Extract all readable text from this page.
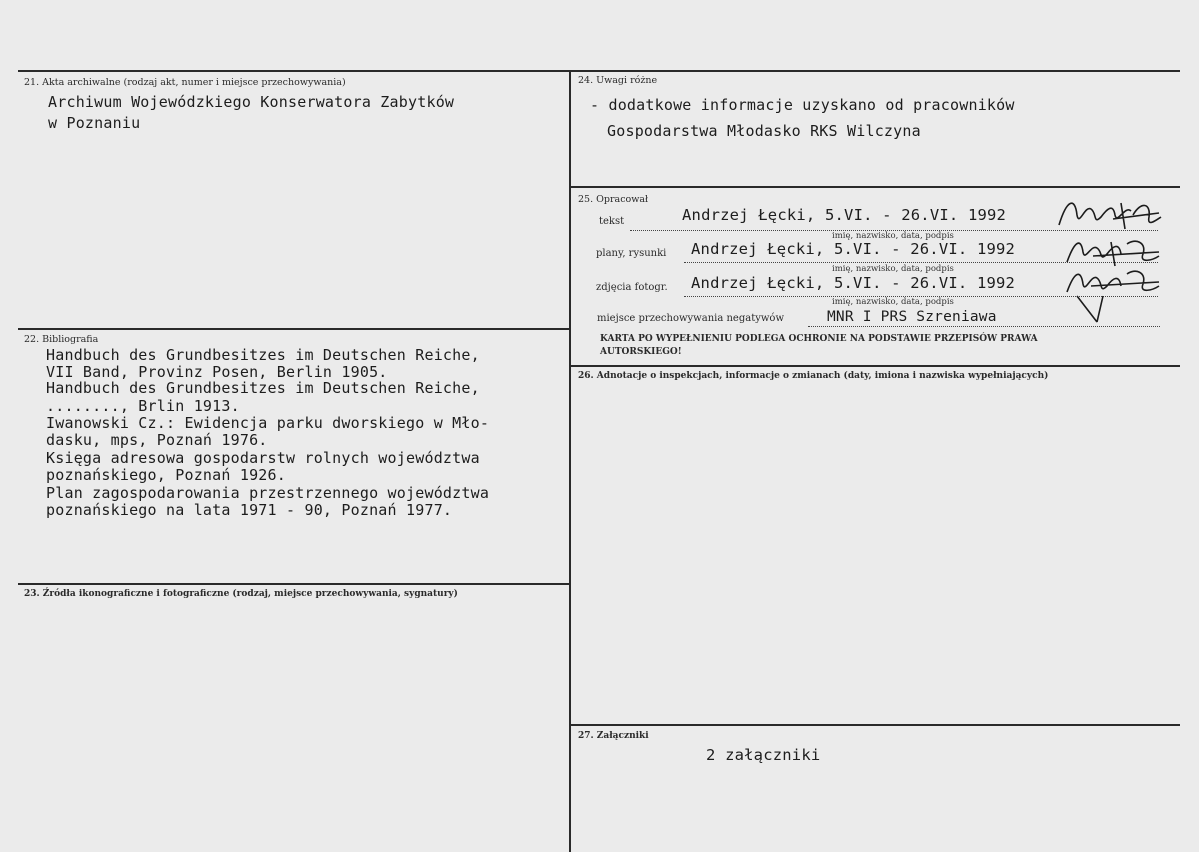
21. Akta archiwalne (rodzaj akt, numer i miejsce przechowywania)
Archiwum Wojewódzkiego Konserwatora Zabytków
w Poznaniu
22. Bibliografia
Handbuch des Grundbesitzes im Deutschen Reiche,
VII Band, Provinz Posen, Berlin 1905.
Handbuch des Grundbesitzes im Deutschen Reiche,
........, Brlin 1913.
Iwanowski Cz.: Ewidencja parku dworskiego w Mło-
dasku, mps, Poznań 1976.
Księga adresowa gospodarstw rolnych województwa
poznańskiego, Poznań 1926.
Plan zagospodarowania przestrzennego województwa
poznańskiego na lata 1971 - 90, Poznań 1977.
23. Źródła ikonograficzne i fotograficzne (rodzaj, miejsce przechowywania, sygnatury)
24. Uwagi różne
- dodatkowe informacje uzyskano od pracowników
Gospodarstwa Młodasko RKS Wilczyna
25. Opracował
tekst	Andrzej Łęcki, 5.VI. - 26.VI. 1992
imię, nazwisko, data, podpis
plany, rysunki Andrzej Łęcki, 5.VI. - 26.VI. 1992
imię, nazwisko, data, podpis
zdjęcia fotogr. Andrzej Łęcki, 5.VI. - 26.VI. 1992
imię, nazwisko, data, podpis
miejsce przechowywania negatywów	MNR I PRS Szreniawa
KARTA PO WYPEŁNIENIU PODLEGA OCHRONIE NA PODSTAWIE PRZEPISÓW PRAWA
AUTORSKIEGO!
26. Adnotacje o inspekcjach, informacje o zmianach (daty, imiona i nazwiska wypełniających)
27. Załączniki
2 załączniki
